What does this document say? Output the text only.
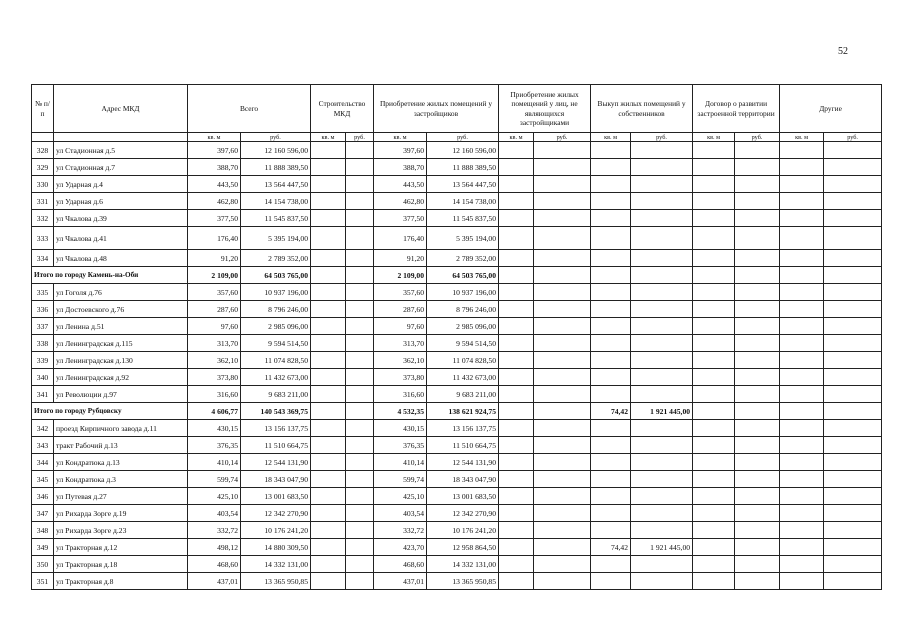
52
№ п/п	Адрес МКД	Всего		Строительство МКД		Приобретение жилых помещений у застройщиков		Приобретение жилых помещений у лиц, не являющихся застройщиками		Выкуп жилых помещений у собственников		Договор о развитии застроенной территории		Другие	
		кв. м	руб.	кв. м	руб.	кв. м	руб.	кв. м	руб.	кв. м	руб.	кв. м	руб.	кв. м	руб.
328	ул Стадионная д.5	397,60	12 160 596,00			397,60	12 160 596,00								
329	ул Стадионная д.7	388,70	11 888 389,50			388,70	11 888 389,50								
330	ул Ударная д.4	443,50	13 564 447,50			443,50	13 564 447,50								
331	ул Ударная д.6	462,80	14 154 738,00			462,80	14 154 738,00								
332	ул Чкалова д.39	377,50	11 545 837,50			377,50	11 545 837,50								
333	ул Чкалова д.41	176,40	5 395 194,00			176,40	5 395 194,00								
334	ул Чкалова д.48	91,20	2 789 352,00			91,20	2 789 352,00								
Итого по городу Камень-на-Оби		2 109,00	64 503 765,00			2 109,00	64 503 765,00								
335	ул Гоголя д.76	357,60	10 937 196,00			357,60	10 937 196,00								
336	ул Достоевского д.76	287,60	8 796 246,00			287,60	8 796 246,00								
337	ул Ленина д.51	97,60	2 985 096,00			97,60	2 985 096,00								
338	ул Ленинградская д.115	313,70	9 594 514,50			313,70	9 594 514,50								
339	ул Ленинградская д.130	362,10	11 074 828,50			362,10	11 074 828,50								
340	ул Ленинградская д.92	373,80	11 432 673,00			373,80	11 432 673,00								
341	ул Революции д.97	316,60	9 683 211,00			316,60	9 683 211,00								
Итого по городу Рубцовску		4 606,77	140 543 369,75			4 532,35	138 621 924,75			74,42	1 921 445,00				
342	проезд Кирпичного завода д.11	430,15	13 156 137,75			430,15	13 156 137,75								
343	тракт Рабочий д.13	376,35	11 510 664,75			376,35	11 510 664,75								
344	ул Кондратюка д.13	410,14	12 544 131,90			410,14	12 544 131,90								
345	ул Кондратюка д.3	599,74	18 343 047,90			599,74	18 343 047,90								
346	ул Путевая д.27	425,10	13 001 683,50			425,10	13 001 683,50								
347	ул Рихарда Зорге д.19	403,54	12 342 270,90			403,54	12 342 270,90								
348	ул Рихарда Зорге д.23	332,72	10 176 241,20			332,72	10 176 241,20								
349	ул Тракторная д.12	498,12	14 880 309,50			423,70	12 958 864,50			74,42	1 921 445,00				
350	ул Тракторная д.18	468,60	14 332 131,00			468,60	14 332 131,00								
351	ул Тракторная д.8	437,01	13 365 950,85			437,01	13 365 950,85								
